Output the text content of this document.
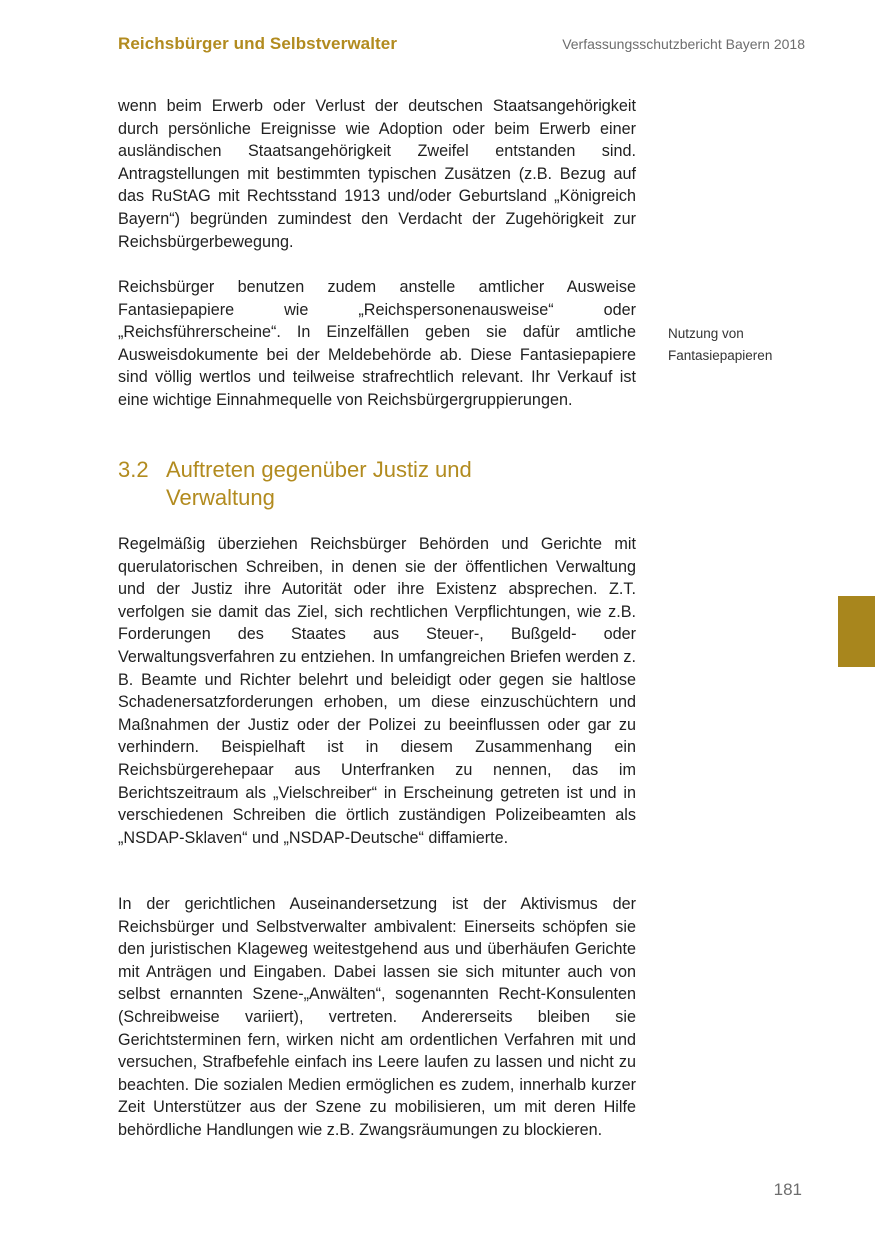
Reichsbürger und Selbstverwalter	Verfassungsschutzbericht Bayern 2018

wenn beim Erwerb oder Verlust der deutschen Staatsangehörigkeit durch persönliche Ereignisse wie Adoption oder beim Erwerb einer ausländischen Staatsangehörigkeit Zweifel entstanden sind. Antragstellungen mit bestimmten typischen Zusätzen (z.B. Bezug auf das RuStAG mit Rechtsstand 1913 und/oder Geburtsland „Königreich Bayern“) begründen zumindest den Verdacht der Zugehörigkeit zur Reichsbürgerbewegung.

Reichsbürger benutzen zudem anstelle amtlicher Ausweise Fantasiepapiere wie „Reichspersonenausweise“ oder „Reichsführerscheine“. In Einzelfällen geben sie dafür amtliche Ausweisdokumente bei der Meldebehörde ab. Diese Fantasiepapiere sind völlig wertlos und teilweise strafrechtlich relevant. Ihr Verkauf ist eine wichtige Einnahmequelle von Reichsbürgergruppierungen.

Nutzung von
Fantasiepapieren
3.2 Auftreten gegenüber Justiz und Verwaltung

Regelmäßig überziehen Reichsbürger Behörden und Gerichte mit querulatorischen Schreiben, in denen sie der öffentlichen Verwaltung und der Justiz ihre Autorität oder ihre Existenz absprechen. Z.T. verfolgen sie damit das Ziel, sich rechtlichen Verpflichtungen, wie z.B. Forderungen des Staates aus Steuer-, Bußgeld- oder Verwaltungsverfahren zu entziehen. In umfangreichen Briefen werden z. B. Beamte und Richter belehrt und beleidigt oder gegen sie haltlose Schadenersatzforderungen erhoben, um diese einzuschüchtern und Maßnahmen der Justiz oder der Polizei zu beeinflussen oder gar zu verhindern. Beispielhaft ist in diesem Zusammenhang ein Reichsbürgerehepaar aus Unterfranken zu nennen, das im Berichtszeitraum als „Vielschreiber“ in Erscheinung getreten ist und in verschiedenen Schreiben die örtlich zuständigen Polizeibeamten als „NSDAP-Sklaven“ und „NSDAP-Deutsche“ diffamierte.

In der gerichtlichen Auseinandersetzung ist der Aktivismus der Reichsbürger und Selbstverwalter ambivalent: Einerseits schöpfen sie den juristischen Klageweg weitestgehend aus und überhäufen Gerichte mit Anträgen und Eingaben. Dabei lassen sie sich mitunter auch von selbst ernannten Szene-„Anwälten“, sogenannten Recht-Konsulenten (Schreibweise variiert), vertreten. Andererseits bleiben sie Gerichtsterminen fern, wirken nicht am ordentlichen Verfahren mit und versuchen, Strafbefehle einfach ins Leere laufen zu lassen und nicht zu beachten. Die sozialen Medien ermöglichen es zudem, innerhalb kurzer Zeit Unterstützer aus der Szene zu mobilisieren, um mit deren Hilfe behördliche Handlungen wie z.B. Zwangsräumungen zu blockieren.

181
